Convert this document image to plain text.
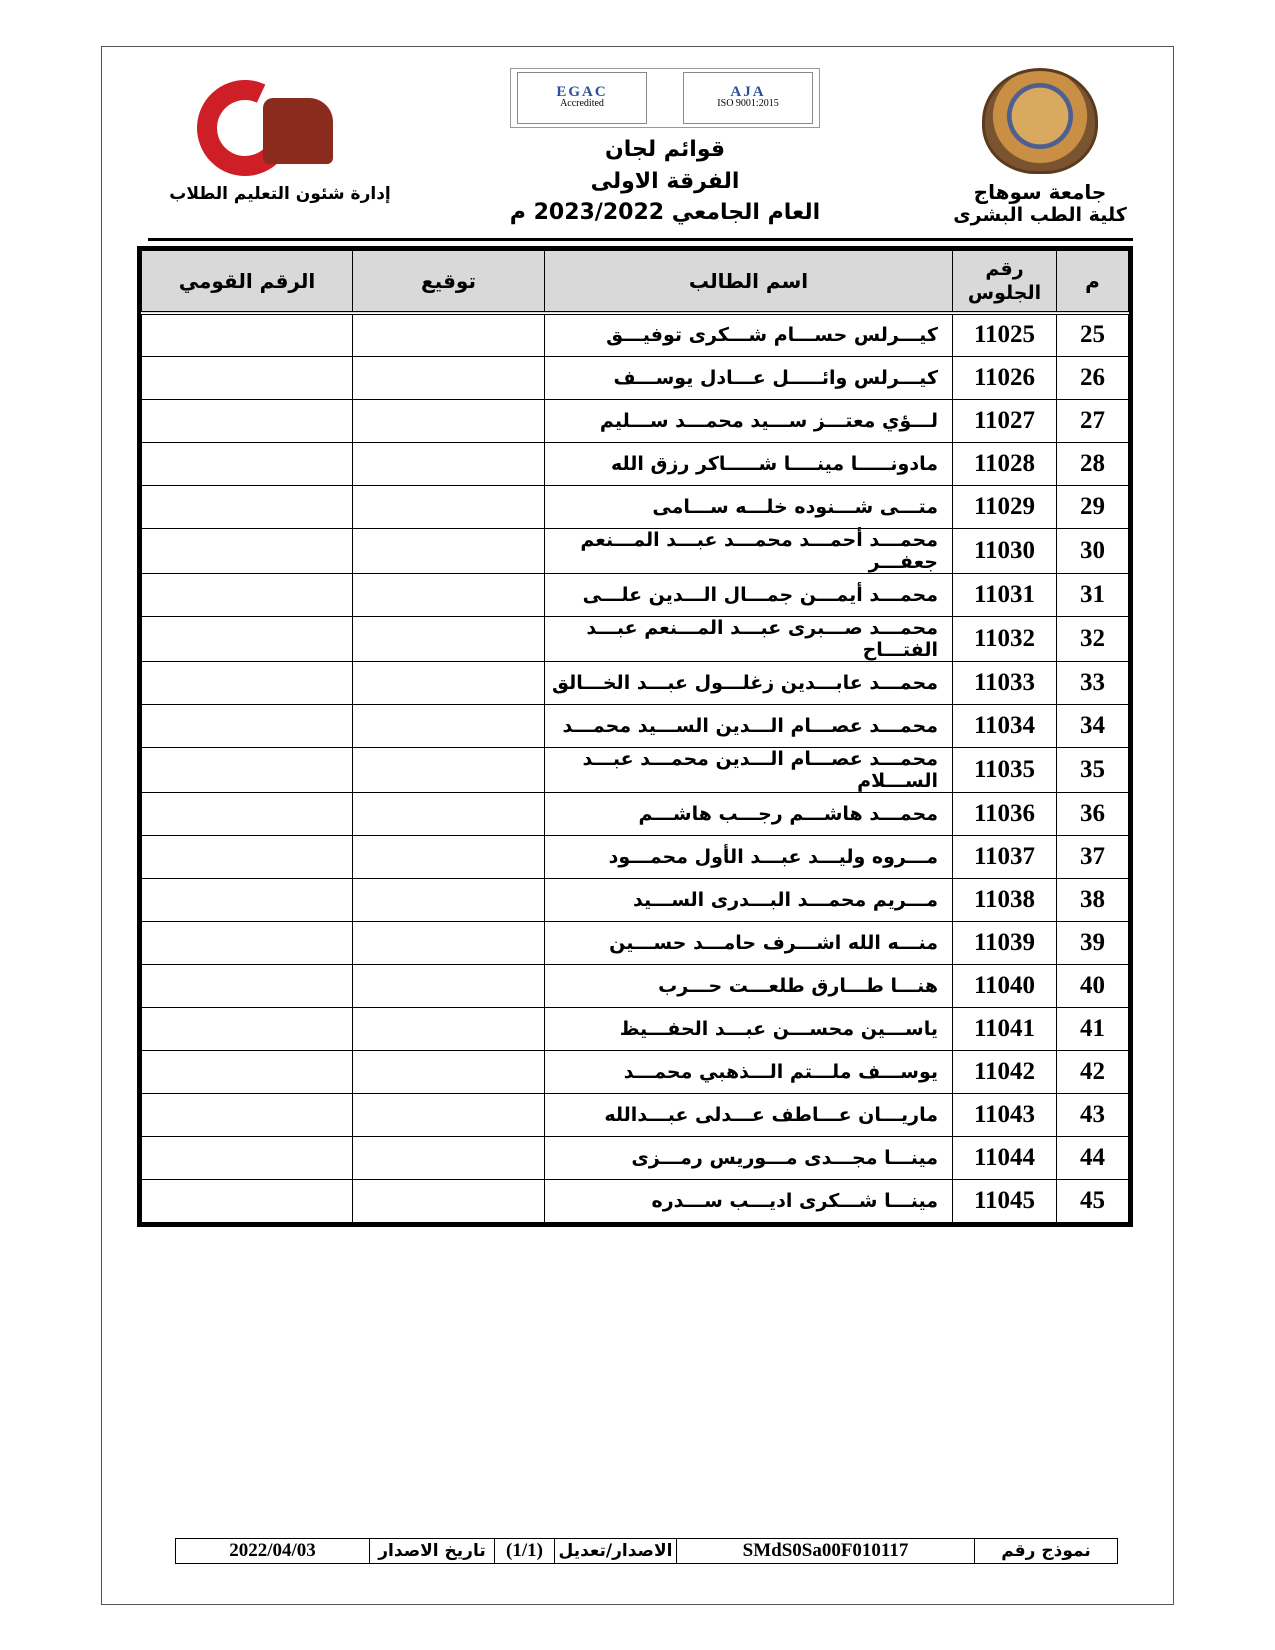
جامعة سوهاج
كلية الطب البشرى
AJA
ISO 9001:2015
EGAC
Accredited
قوائم لجان
الفرقة الاولى
العام الجامعي 2023/2022 م
إدارة شئون التعليم الطلاب
م	رقم الجلوس	اسم الطالب	توقيع	الرقم القومي
25	11025	كيـــرلس حســـام شـــكرى توفيـــق		
26	11026	كيـــرلس وائـــــل عـــادل يوســـف		
27	11027	لـــؤي معتـــز ســـيد محمـــد ســـليم		
28	11028	مادونـــــا مينــــا شـــــاكر رزق الله		
29	11029	متـــى شـــنوده خلـــه ســـامى		
30	11030	محمـــد أحمـــد محمـــد عبـــد المـــنعم جعفـــر		
31	11031	محمـــد أيمـــن جمـــال الـــدين علـــى		
32	11032	محمـــد صـــبرى عبـــد المـــنعم عبـــد الفتـــاح		
33	11033	محمـــد عابـــدين زغلـــول عبـــد الخـــالق		
34	11034	محمـــد عصـــام الـــدين الســـيد محمـــد		
35	11035	محمـــد عصـــام الـــدين محمـــد عبـــد الســـلام		
36	11036	محمـــد هاشـــم رجـــب هاشـــم		
37	11037	مـــروه وليـــد عبـــد الأول محمـــود		
38	11038	مـــريم محمـــد البـــدرى الســـيد		
39	11039	منـــه الله اشـــرف حامـــد حســـين		
40	11040	هنـــا طـــارق طلعـــت حـــرب		
41	11041	ياســـين محســـن عبـــد الحفـــيظ		
42	11042	يوســـف ملـــتم الـــذهبي محمـــد		
43	11043	ماريـــان عـــاطف عـــدلى عبـــدالله		
44	11044	مينـــا مجـــدى مـــوريس رمـــزى		
45	11045	مينـــا شـــكرى اديـــب ســـدره		
نموذج رقم
SMdS0Sa00F010117
الاصدار/تعديل
(1/1)
تاريخ الاصدار
2022/04/03
